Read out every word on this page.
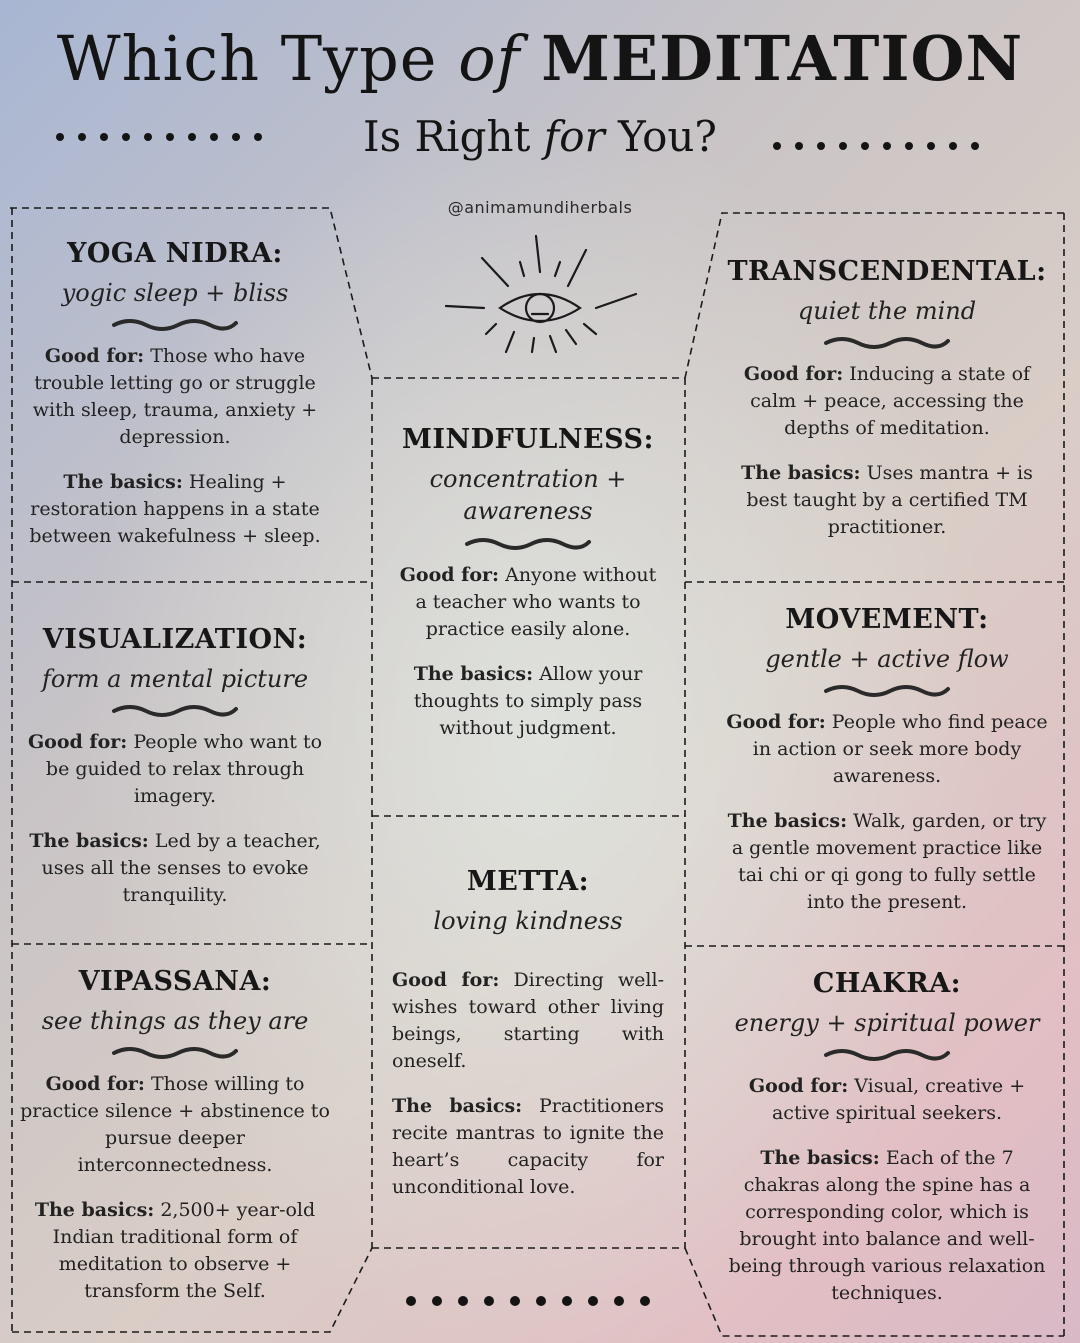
Which Type of MEDITATION
Is Right for You?
@animamundiherbals
YOGA NIDRA:
yogic sleep + bliss

Good for: Those who have trouble letting go or struggle with sleep, trauma, anxiety + depression.

The basics: Healing + restoration happens in a state between wakefulness + sleep.

VISUALIZATION:
form a mental picture

Good for: People who want to be guided to relax through imagery.

The basics: Led by a teacher, uses all the senses to evoke tranquility.

VIPASSANA:
see things as they are

Good for: Those willing to practice silence + abstinence to pursue deeper interconnectedness.

The basics: 2,500+ year-old Indian traditional form of meditation to observe + transform the Self.

MINDFULNESS:
concentration + awareness

Good for: Anyone without a teacher who wants to practice easily alone.

The basics: Allow your thoughts to simply pass without judgment.

METTA:
loving kindness

Good for: Directing well-wishes toward other living beings, starting with oneself.

The basics: Practitioners recite mantras to ignite the heart’s capacity for unconditional love.

TRANSCENDENTAL:
quiet the mind

Good for: Inducing a state of calm + peace, accessing the depths of meditation.

The basics: Uses mantra + is best taught by a certified TM practitioner.

MOVEMENT:
gentle + active flow

Good for: People who find peace in action or seek more body awareness.

The basics: Walk, garden, or try a gentle movement practice like tai chi or qi gong to fully settle into the present.

CHAKRA:
energy + spiritual power

Good for: Visual, creative + active spiritual seekers.

The basics: Each of the 7 chakras along the spine has a corresponding color, which is brought into balance and well-being through various relaxation techniques.
